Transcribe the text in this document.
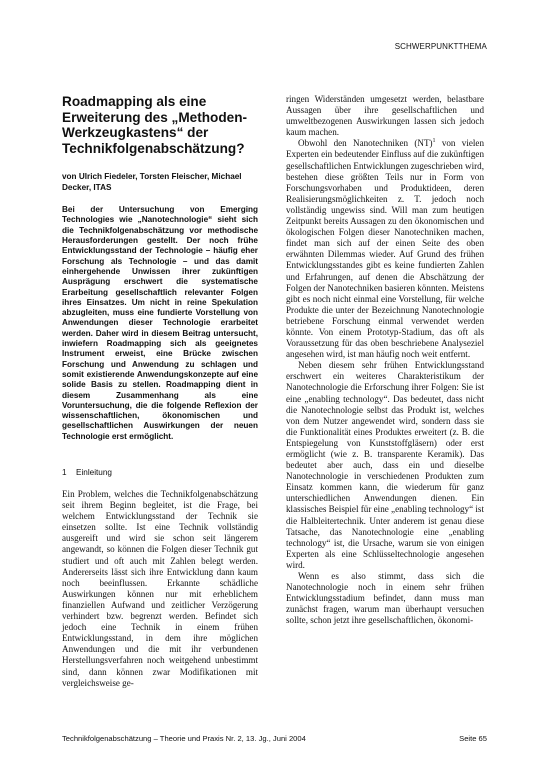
SCHWERPUNKTTHEMA
Roadmapping als eine Erweiterung des „Methoden-Werkzeugkastens“ der Technikfolgenabschätzung?
von Ulrich Fiedeler, Torsten Fleischer, Michael Decker, ITAS

Bei der Untersuchung von Emerging Technologies wie „Nanotechnologie“ sieht sich die Technikfolgenabschätzung vor methodische Herausforderungen gestellt. Der noch frühe Entwicklungsstand der Technologie – häufig eher Forschung als Technologie – und das damit einhergehende Unwissen ihrer zukünftigen Ausprägung erschwert die systematische Erarbeitung gesellschaftlich relevanter Folgen ihres Einsatzes. Um nicht in reine Spekulation abzugleiten, muss eine fundierte Vorstellung von Anwendungen dieser Technologie erarbeitet werden. Daher wird in diesem Beitrag untersucht, inwiefern Roadmapping sich als geeignetes Instrument erweist, eine Brücke zwischen Forschung und Anwendung zu schlagen und somit existierende Anwendungskonzepte auf eine solide Basis zu stellen. Roadmapping dient in diesem Zusammenhang als eine Voruntersuchung, die die folgende Reflexion der wissenschaftlichen, ökonomischen und gesellschaftlichen Auswirkungen der neuen Technologie erst ermöglicht.

1 Einleitung

Ein Problem, welches die Technikfolgenabschätzung seit ihrem Beginn begleitet, ist die Frage, bei welchem Entwicklungsstand der Technik sie einsetzen sollte. Ist eine Technik vollständig ausgereift und wird sie schon seit längerem angewandt, so können die Folgen dieser Technik gut studiert und oft auch mit Zahlen belegt werden. Andererseits lässt sich ihre Entwicklung dann kaum noch beeinflussen. Erkannte schädliche Auswirkungen können nur mit erheblichem finanziellen Aufwand und zeitlicher Verzögerung verhindert bzw. begrenzt werden. Befindet sich jedoch eine Technik in einem frühen Entwicklungsstand, in dem ihre möglichen Anwendungen und die mit ihr verbundenen Herstellungsverfahren noch weitgehend unbestimmt sind, dann können zwar Modifikationen mit vergleichsweise ge-

ringen Widerständen umgesetzt werden, belastbare Aussagen über ihre gesellschaftlichen und umweltbezogenen Auswirkungen lassen sich jedoch kaum machen.

Obwohl den Nanotechniken (NT)$^1$ von vielen Experten ein bedeutender Einfluss auf die zukünftigen gesellschaftlichen Entwicklungen zugeschrieben wird, bestehen diese größten Teils nur in Form von Forschungsvorhaben und Produktideen, deren Realisierungsmöglichkeiten z. T. jedoch noch vollständig ungewiss sind. Will man zum heutigen Zeitpunkt bereits Aussagen zu den ökonomischen und ökologischen Folgen dieser Nanotechniken machen, findet man sich auf der einen Seite des oben erwähnten Dilemmas wieder. Auf Grund des frühen Entwicklungsstandes gibt es keine fundierten Zahlen und Erfahrungen, auf denen die Abschätzung der Folgen der Nanotechniken basieren könnten. Meistens gibt es noch nicht einmal eine Vorstellung, für welche Produkte die unter der Bezeichnung Nanotechnologie betriebene Forschung einmal verwendet werden könnte. Von einem Prototyp-Stadium, das oft als Voraussetzung für das oben beschriebene Analyseziel angesehen wird, ist man häufig noch weit entfernt.

Neben diesem sehr frühen Entwicklungsstand erschwert ein weiteres Charakteristikum der Nanotechnologie die Erforschung ihrer Folgen: Sie ist eine „enabling technology“. Das bedeutet, dass nicht die Nanotechnologie selbst das Produkt ist, welches von dem Nutzer angewendet wird, sondern dass sie die Funktionalität eines Produktes erweitert (z. B. die Entspiegelung von Kunststoffgläsern) oder erst ermöglicht (wie z. B. transparente Keramik). Das bedeutet aber auch, dass ein und dieselbe Nanotechnologie in verschiedenen Produkten zum Einsatz kommen kann, die wiederum für ganz unterschiedlichen Anwendungen dienen. Ein klassisches Beispiel für eine „enabling technology“ ist die Halbleitertechnik. Unter anderem ist genau diese Tatsache, das Nanotechnologie eine „enabling technology“ ist, die Ursache, warum sie von einigen Experten als eine Schlüsseltechnologie angesehen wird.

Wenn es also stimmt, dass sich die Nanotechnologie noch in einem sehr frühen Entwicklungsstadium befindet, dann muss man zunächst fragen, warum man überhaupt versuchen sollte, schon jetzt ihre gesellschaftlichen, ökonomi-

Technikfolgenabschätzung – Theorie und Praxis Nr. 2, 13. Jg., Juni 2004	Seite 65
